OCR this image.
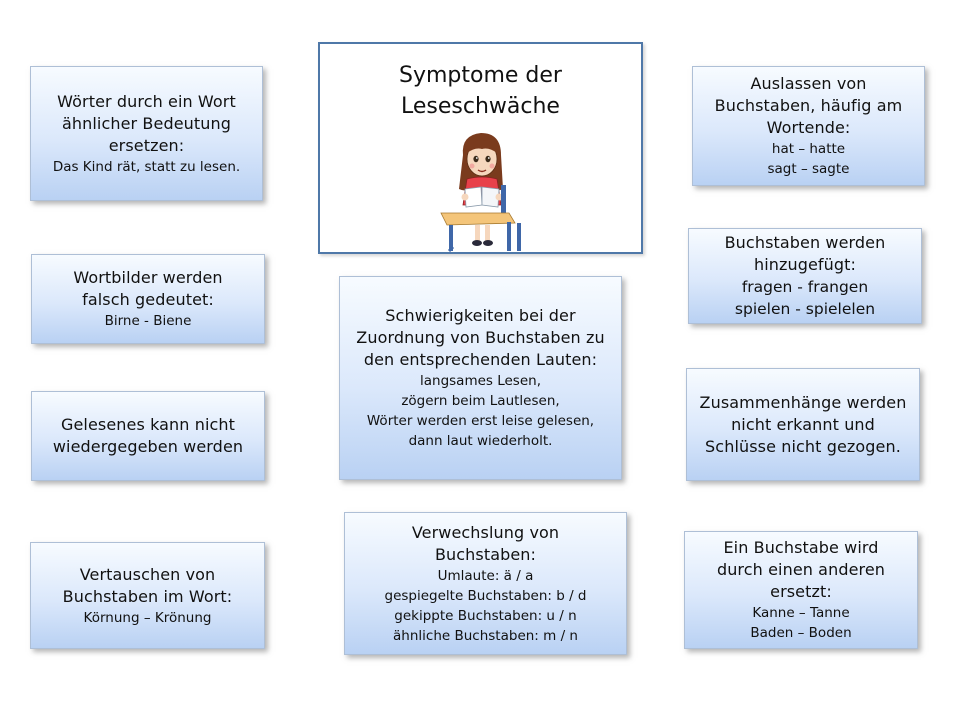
Symptome der
Leseschwäche
Wörter durch ein Wort
ähnlicher Bedeutung
ersetzen:
Das Kind rät, statt zu lesen.
Wortbilder werden
falsch gedeutet:
Birne - Biene
Gelesenes kann nicht
wiedergegeben werden
Vertauschen von
Buchstaben im Wort:
Körnung – Krönung
Schwierigkeiten bei der
Zuordnung von Buchstaben zu
den entsprechenden Lauten:
langsames Lesen,
zögern beim Lautlesen,
Wörter werden erst leise gelesen,
dann laut wiederholt.
Verwechslung von
Buchstaben:
Umlaute: ä / a
gespiegelte Buchstaben: b / d
gekippte Buchstaben: u / n
ähnliche Buchstaben: m / n
Auslassen von
Buchstaben, häufig am
Wortende:
hat – hatte
sagt – sagte
Buchstaben werden
hinzugefügt:
fragen - frangen
spielen - spielelen
Zusammenhänge werden
nicht erkannt und
Schlüsse nicht gezogen.
Ein Buchstabe wird
durch einen anderen
ersetzt:
Kanne – Tanne
Baden – Boden
